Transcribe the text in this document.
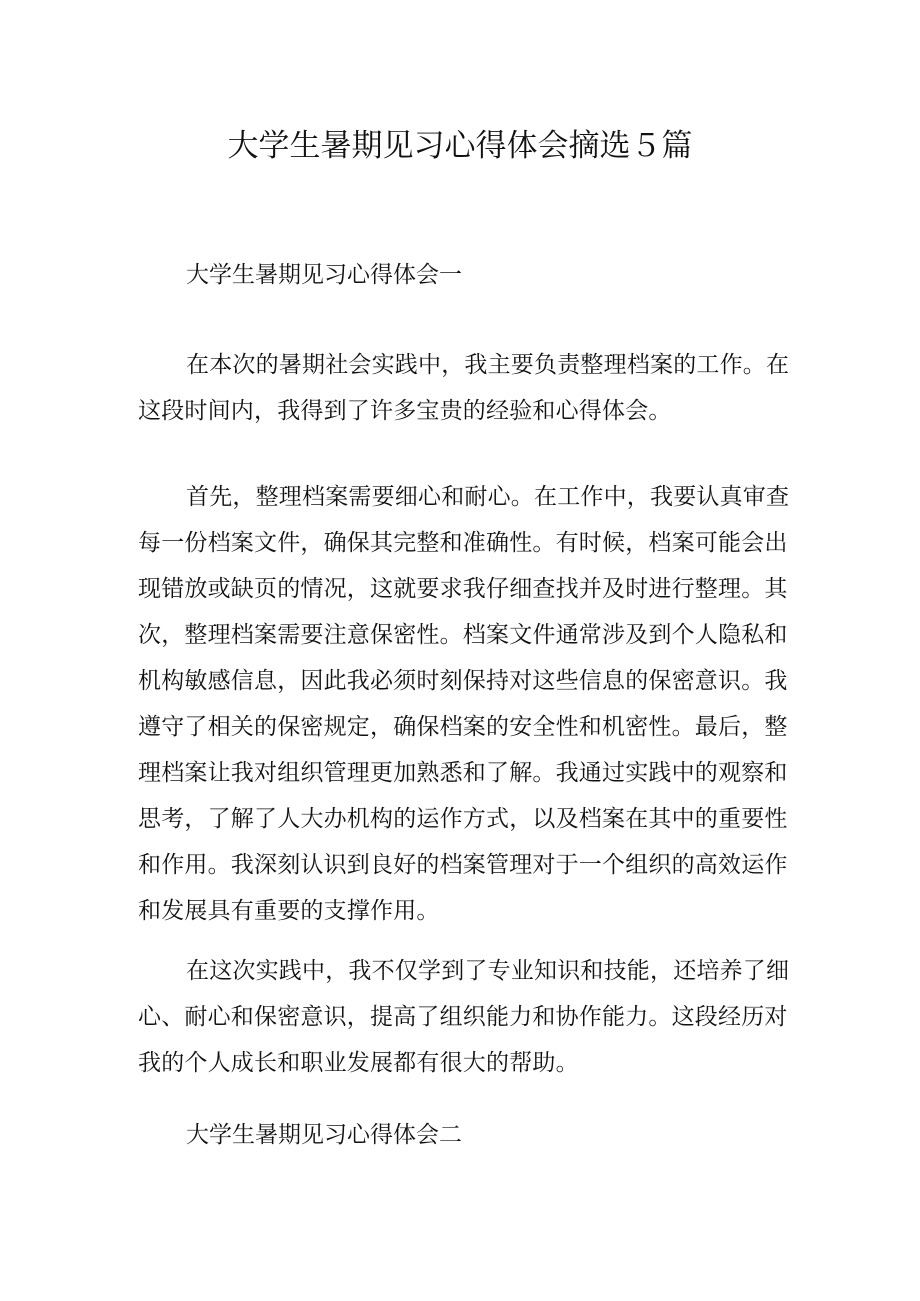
大学生暑期见习心得体会摘选５篇
大学生暑期见习心得体会一
在本次的暑期社会实践中，我主要负责整理档案的工作。在
这段时间内，我得到了许多宝贵的经验和心得体会。
首先，整理档案需要细心和耐心。在工作中，我要认真审查
每一份档案文件，确保其完整和准确性。有时候，档案可能会出
现错放或缺页的情况，这就要求我仔细查找并及时进行整理。其
次，整理档案需要注意保密性。档案文件通常涉及到个人隐私和
机构敏感信息，因此我必须时刻保持对这些信息的保密意识。我
遵守了相关的保密规定，确保档案的安全性和机密性。最后，整
理档案让我对组织管理更加熟悉和了解。我通过实践中的观察和
思考，了解了人大办机构的运作方式，以及档案在其中的重要性
和作用。我深刻认识到良好的档案管理对于一个组织的高效运作
和发展具有重要的支撑作用。
在这次实践中，我不仅学到了专业知识和技能，还培养了细
心、耐心和保密意识，提高了组织能力和协作能力。这段经历对
我的个人成长和职业发展都有很大的帮助。
大学生暑期见习心得体会二
